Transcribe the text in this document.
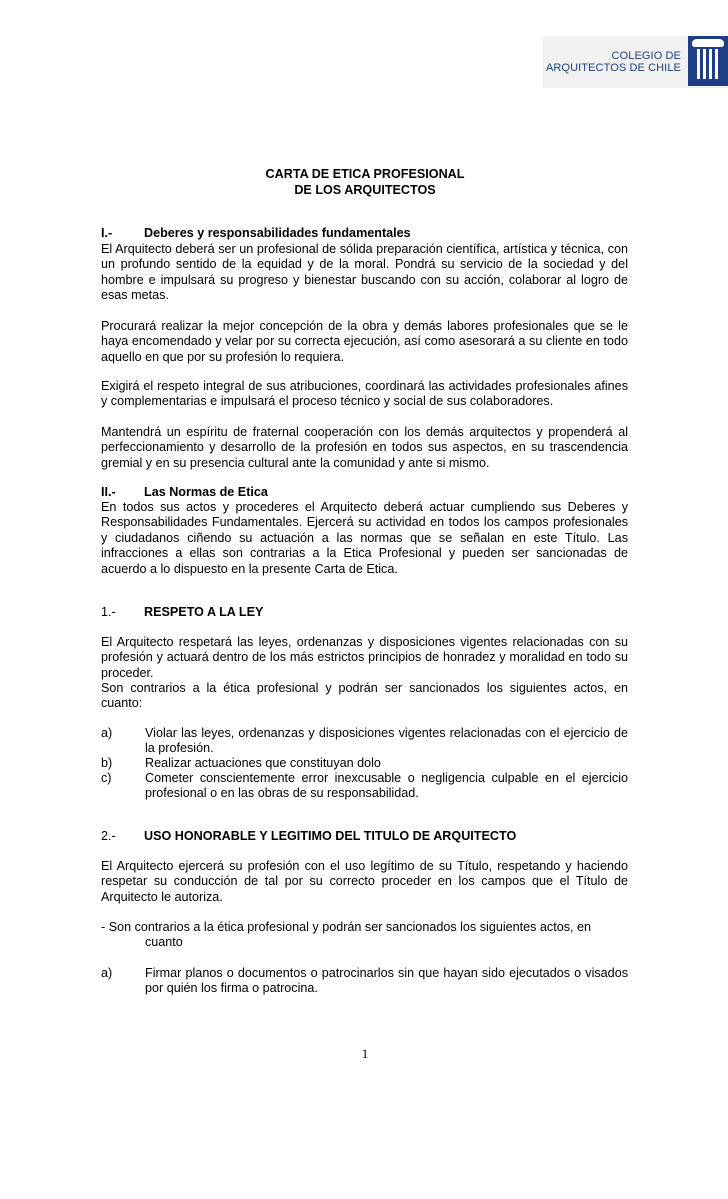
COLEGIO DE
ARQUITECTOS DE CHILE
CARTA DE ETICA PROFESIONAL
DE LOS ARQUITECTOS
I.-	Deberes y responsabilidades fundamentales

El Arquitecto deberá ser un profesional de sólida preparación científica, artística y técnica, con un profundo sentido de la equidad y de la moral. Pondrá su servicio de la sociedad y del hombre e impulsará su progreso y bienestar buscando con su acción, colaborar al logro de esas metas.

Procurará realizar la mejor concepción de la obra y demás labores profesionales que se le haya encomendado y velar por su correcta ejecución, así como asesorará a su cliente en todo aquello en que por su profesión lo requiera.

Exigirá el respeto integral de sus atribuciones, coordinará las actividades profesionales afines y complementarias e impulsará el proceso técnico y social de sus colaboradores.

Mantendrá un espíritu de fraternal cooperación con los demás arquitectos y propenderá al perfeccionamiento y desarrollo de la profesión en todos sus aspectos, en su trascendencia gremial y en su presencia cultural ante la comunidad y ante si mismo.

II.- Las Normas de Etica

En todos sus actos y procederes el Arquitecto deberá actuar cumpliendo sus Deberes y Responsabilidades Fundamentales. Ejercerá su actividad en todos los campos profesionales y ciudadanos ciñendo su actuación a las normas que se señalan en este Título. Las infracciones a ellas son contrarias a la Etica Profesional y pueden ser sancionadas de acuerdo a lo dispuesto en la presente Carta de Etica.

1.- RESPETO A LA LEY

El Arquitecto respetará las leyes, ordenanzas y disposiciones vigentes relacionadas con su profesión y actuará dentro de los más estrictos principios de honradez y moralidad en todo su proceder.

Son contrarios a la ética profesional y podrán ser sancionados los siguientes actos, en cuanto:

a)	Violar las leyes, ordenanzas y disposiciones vigentes relacionadas con el ejercicio de la profesión.
b)	Realizar actuaciones que constituyan dolo
c)	Cometer conscientemente error inexcusable o negligencia culpable en el ejercicio profesional o en las obras de su responsabilidad.
2.- USO HONORABLE Y LEGITIMO DEL TITULO DE ARQUITECTO

El Arquitecto ejercerá su profesión con el uso legítimo de su Título, respetando y haciendo respetar su conducción de tal por su correcto proceder en los campos que el Título de Arquitecto le autoriza.

- Son contrarios a la ética profesional y podrán ser sancionados los siguientes actos, en
cuanto
a)	Firmar planos o documentos o patrocinarlos sin que hayan sido ejecutados o visados por quién los firma o patrocina.
1
